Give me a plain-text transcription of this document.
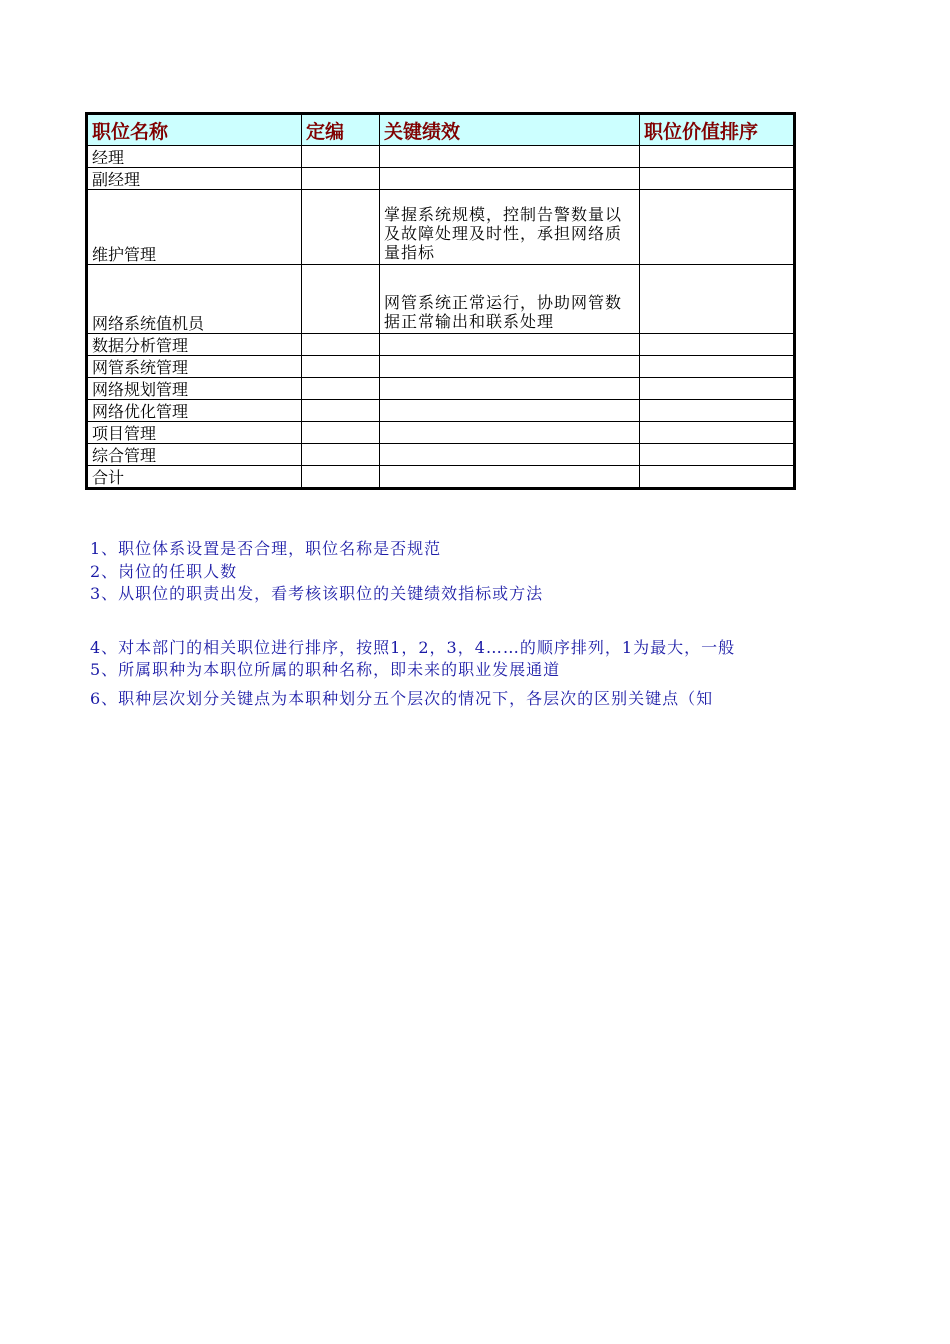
职位名称	定编	关键绩效	职位价值排序
经理			
副经理			
维护管理		掌握系统规模，控制告警数量以及故障处理及时性，承担网络质量指标	
网络系统值机员		网管系统正常运行，协助网管数据正常输出和联系处理	
数据分析管理			
网管系统管理			
网络规划管理			
网络优化管理			
项目管理			
综合管理			
合计			
1、职位体系设置是否合理，职位名称是否规范
2、岗位的任职人数
3、从职位的职责出发，看考核该职位的关键绩效指标或方法
4、对本部门的相关职位进行排序，按照1，2，3，4……的顺序排列，1为最大，一般
5、所属职种为本职位所属的职种名称，即未来的职业发展通道
6、职种层次划分关键点为本职种划分五个层次的情况下，各层次的区别关键点（知
